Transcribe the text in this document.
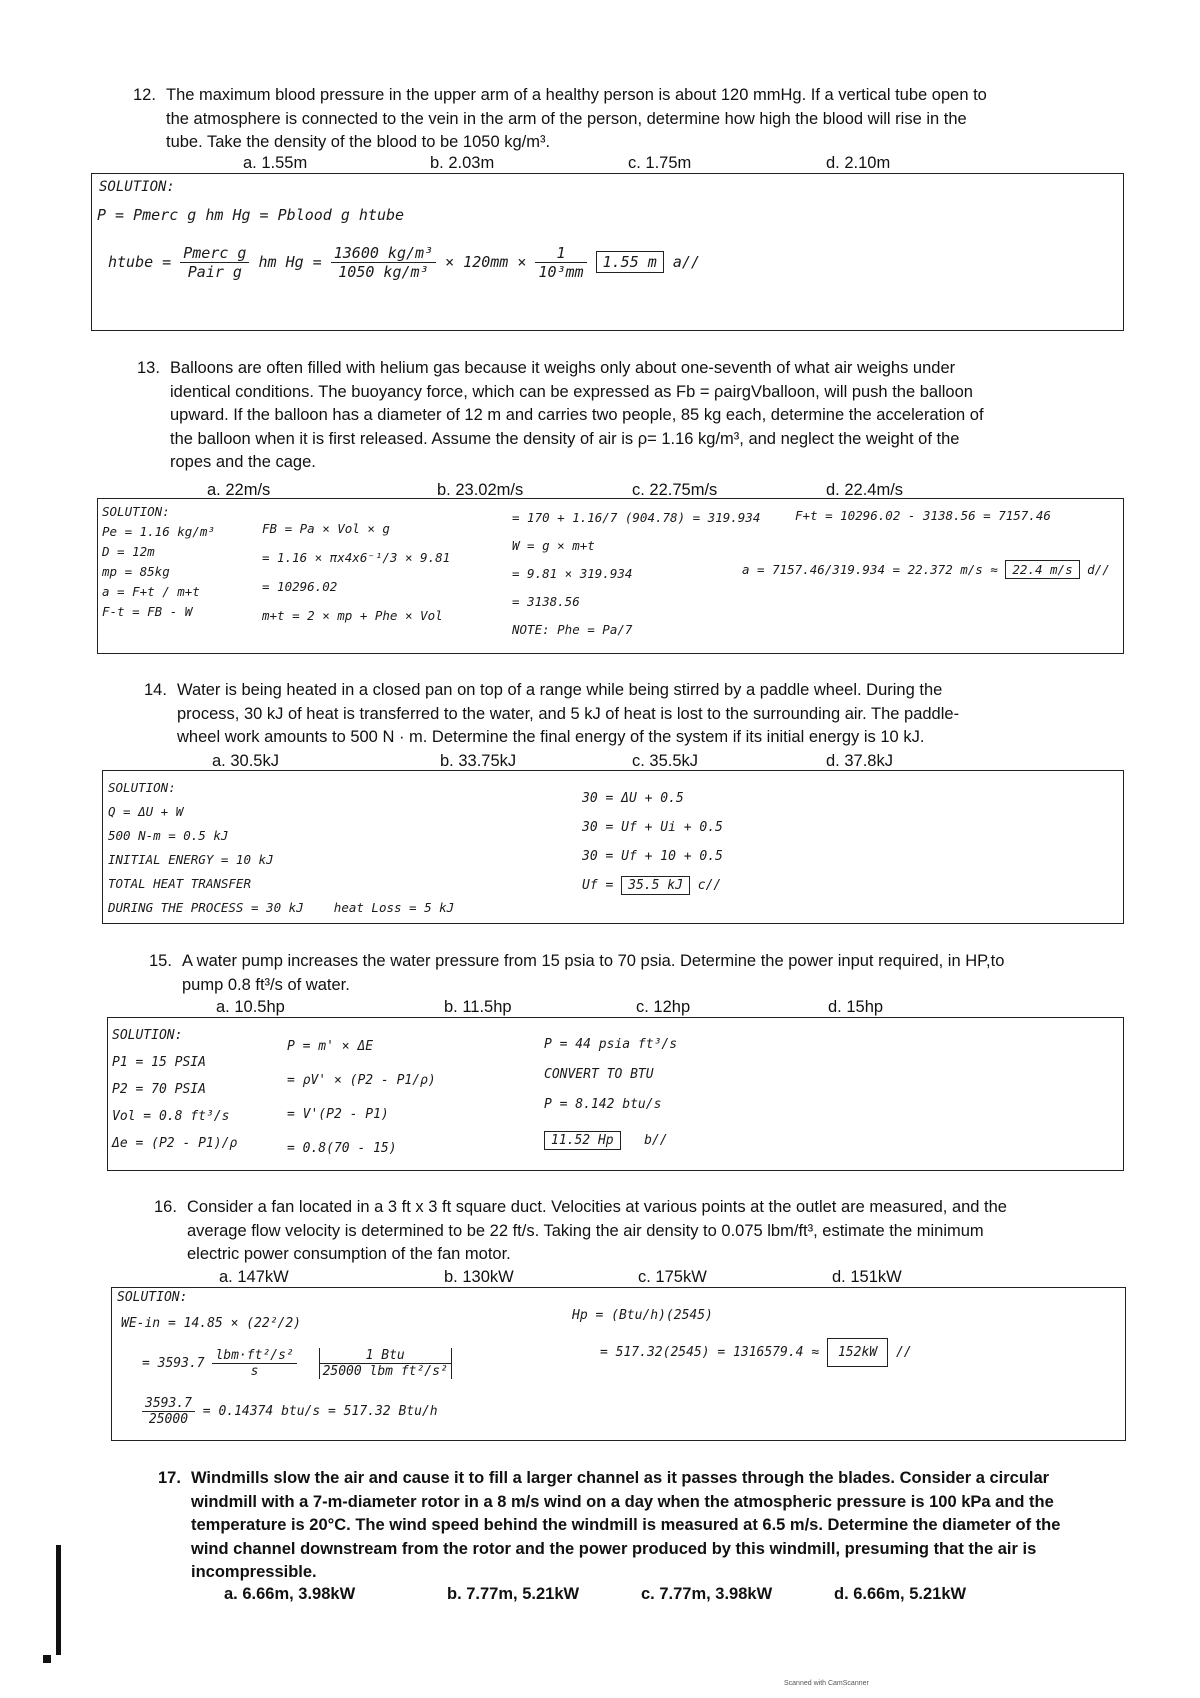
12. The maximum blood pressure in the upper arm of a healthy person is about 120 mmHg. If a vertical tube open to
the atmosphere is connected to the vein in the arm of the person, determine how high the blood will rise in the
tube. Take the density of the blood to be 1050 kg/m³.
a. 1.55m	b. 2.03m	c. 1.75m	d. 2.10m
SOLUTION:
P = Pmerc g hm Hg = Pblood g htube
htube = $\frac{\text{Pmerc g}}{\text{Pair g}}$ hm $Hg = \frac{\text{13600 kg/m³}}{\text{1050 kg/m³}} \times 120mm \times \frac{1}{\text{10³mm}} 1.55$ m a//
13. Balloons are often filled with helium gas because it weighs only about one-seventh of what air weighs under
identical conditions. The buoyancy force, which can be expressed as Fb = ρairgVballoon, will push the balloon
upward. If the balloon has a diameter of 12 m and carries two people, 85 kg each, determine the acceleration of
the balloon when it is first released. Assume the density of air is ρ= 1.16 kg/m³, and neglect the weight of the
ropes and the cage.
a. 22m/s	b. 23.02m/s	c. 22.75m/s	d. 22.4m/s
SOLUTION:
Pe = 1.16 kg/m³
D = 12m
mp = 85kg
a = F+t / m+t
F-t = FB - W
FB = Pa × Vol × g
= 1.16 × πx4x6⁻¹/3 × 9.81
= 10296.02
m+t = 2 × mp + Phe × Vol
= 170 + 1.16/7 (904.78) = 319.934
W = g × m+t
= 9.81 × 319.934
= 3138.56
NOTE: Phe = Pa/7
F+t = 10296.02 - 3138.56 = 7157.46
a = 7157.46/319.934 = 22.372 m/s ≈ 22.4 m/s d//
14. Water is being heated in a closed pan on top of a range while being stirred by a paddle wheel. During the
process, 30 kJ of heat is transferred to the water, and 5 kJ of heat is lost to the surrounding air. The paddle-
wheel work amounts to 500 N · m. Determine the final energy of the system if its initial energy is 10 kJ.
a. 30.5kJ	b. 33.75kJ	c. 35.5kJ	d. 37.8kJ
SOLUTION:
Q = ΔU + W
500 N-m = 0.5 kJ
INITIAL ENERGY = 10 kJ
TOTAL HEAT TRANSFER
DURING THE PROCESS = 30 kJ heat Loss = 5 kJ
30 = ΔU + 0.5
30 = Uf + Ui + 0.5
30 = Uf + 10 + 0.5
Uf = 35.5 kJ c//
15. A water pump increases the water pressure from 15 psia to 70 psia. Determine the power input required, in HP,to
pump 0.8 ft³/s of water.
a. 10.5hp	b. 11.5hp	c. 12hp	d. 15hp
SOLUTION:
P1 = 15 PSIA
P2 = 70 PSIA
Vol = 0.8 ft³/s
Δe = (P2 - P1)/ρ
P = m' × ΔE
= ρV' × (P2 - P1/ρ)
= V'(P2 - P1)
= 0.8(70 - 15)
P = 44 psia ft³/s
CONVERT TO BTU
P = 8.142 btu/s
11.52 Hp b//
16. Consider a fan located in a 3 ft x 3 ft square duct. Velocities at various points at the outlet are measured, and the
average flow velocity is determined to be 22 ft/s. Taking the air density to 0.075 lbm/ft³, estimate the minimum
electric power consumption of the fan motor.
a. 147kW	b. 130kW	c. 175kW	d. 151kW
SOLUTION:
WE-in = 14.85 × (22²/2)
= $3593.7 \frac{\text{lbm·ft²/s²}}{s}$
$\frac{\text{1 Btu}}{\text{25000 lbm ft²/s²}}$
$\frac{3593.7}{25000} = 0.14374$ btu/s = 517.32 Btu/h
Hp = (Btu/h)(2545)
= 517.32(2545) = 1316579.4 ≈ 152kW //
17. Windmills slow the air and cause it to fill a larger channel as it passes through the blades. Consider a circular
windmill with a 7-m-diameter rotor in a 8 m/s wind on a day when the atmospheric pressure is 100 kPa and the
temperature is 20°C. The wind speed behind the windmill is measured at 6.5 m/s. Determine the diameter of the
wind channel downstream from the rotor and the power produced by this windmill, presuming that the air is
incompressible.
a. 6.66m, 3.98kW	b. 7.77m, 5.21kW	c. 7.77m, 3.98kW	d. 6.66m, 5.21kW
Scanned with CamScanner
